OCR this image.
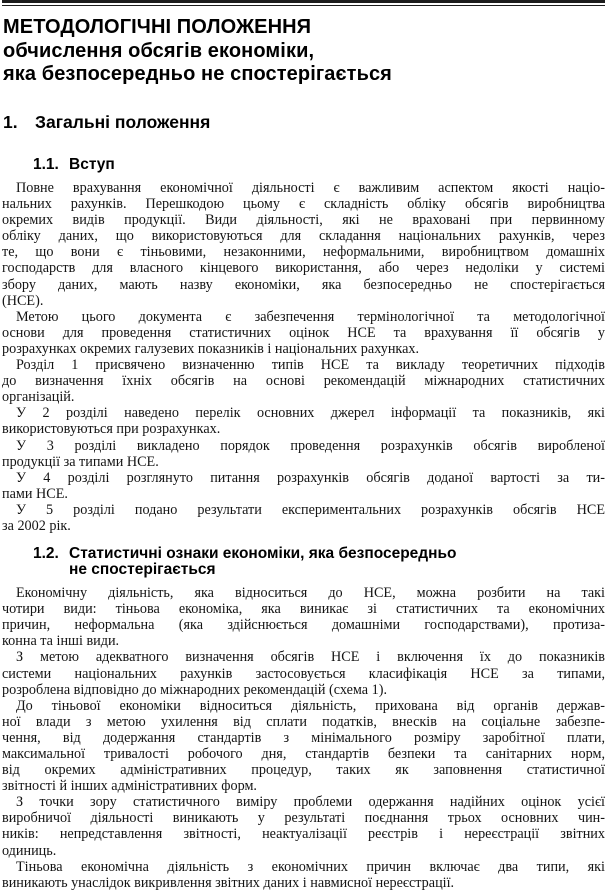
МЕТОДОЛОГІЧНІ ПОЛОЖЕННЯ
обчислення обсягів економіки,
яка безпосередньо не спостерігається
1. Загальні положення
1.1. Вступ
Повне врахування економічної діяльності є важливим аспектом якості націо-
нальних рахунків. Перешкодою цьому є складність обліку обсягів виробництва
окремих видів продукції. Види діяльності, які не враховані при первинному
обліку даних, що використовуються для складання національних рахунків, через
те, що вони є тіньовими, незаконними, неформальними, виробництвом домашніх
господарств для власного кінцевого використання, або через недоліки у системі
збору даних, мають назву економіки, яка безпосередньо не спостерігається
(НСЕ).
Метою цього документа є забезпечення термінологічної та методологічної
основи для проведення статистичних оцінок НСЕ та врахування її обсягів у
розрахунках окремих галузевих показників і національних рахунках.
Розділ 1 присвячено визначенню типів НСЕ та викладу теоретичних підходів
до визначення їхніх обсягів на основі рекомендацій міжнародних статистичних
організацій.
У 2 розділі наведено перелік основних джерел інформації та показників, які
використовуються при розрахунках.
У 3 розділі викладено порядок проведення розрахунків обсягів виробленої
продукції за типами НСЕ.
У 4 розділі розглянуто питання розрахунків обсягів доданої вартості за ти-
пами НСЕ.
У 5 розділі подано результати експериментальних розрахунків обсягів НСЕ
за 2002 рік.
1.2. Статистичні ознаки економіки, яка безпосередньо
не спостерігається
Економічну діяльність, яка відноситься до НСЕ, можна розбити на такі
чотири види: тіньова економіка, яка виникає зі статистичних та економічних
причин, неформальна (яка здійснюється домашніми господарствами), протиза-
конна та інші види.
З метою адекватного визначення обсягів НСЕ і включення їх до показників
системи національних рахунків застосовується класифікація НСЕ за типами,
розроблена відповідно до міжнародних рекомендацій (схема 1).
До тіньової економіки відноситься діяльність, прихована від органів держав-
ної влади з метою ухилення від сплати податків, внесків на соціальне забезпе-
чення, від додержання стандартів з мінімального розміру заробітної плати,
максимальної тривалості робочого дня, стандартів безпеки та санітарних норм,
від окремих адміністративних процедур, таких як заповнення статистичної
звітності й інших адміністративних форм.
З точки зору статистичного виміру проблеми одержання надійних оцінок усієї
виробничої діяльності виникають у результаті поєднання трьох основних чин-
ників: непредставлення звітності, неактуалізації реєстрів і нереєстрації звітних
одиниць.
Тіньова економічна діяльність з економічних причин включає два типи, які
виникають унаслідок викривлення звітних даних і навмисної нереєстрації.
